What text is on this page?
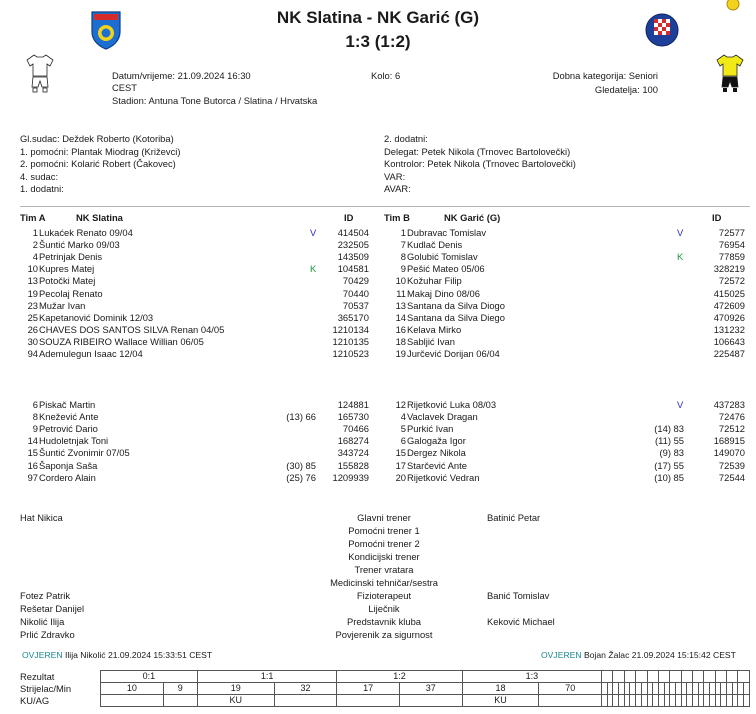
NK Slatina - NK Garić (G)
1:3 (1:2)
Datum/vrijeme: 21.09.2024 16:30
CEST
Stadion: Antuna Tone Butorca / Slatina / Hrvatska
Kolo: 6	Dobna kategorija: Seniori
Gledatelja: 100
Gl.sudac: Deždek Roberto (Kotoriba)
1. pomoćni: Plantak Miodrag (Križevci)
2. pomoćni: Kolarić Robert (Čakovec)
4. sudac:
1. dodatni:
2. dodatni:
Delegat: Petek Nikola (Trnovec Bartolovečki)
Kontrolor: Petek Nikola (Trnovec Bartolovečki)
VAR:
AVAR:
Tim A	NK Slatina	ID	Tim B	NK Garić (G)	ID
1 Lukaćek Renato 09/04	V	414504
2 Šuntić Marko 09/03	232505
4 Petrinjak Denis	143509
10 Kupres Matej	K	104581
13 Potočki Matej	70429
19 Pecolaj Renato	70440
23 Mužar Ivan	70537
25 Kapetanović Dominik 12/03	365170
26 CHAVES DOS SANTOS SILVA Renan 04/05	1210134
30 SOUZA RIBEIRO Wallace Willian 06/05	1210135
94 Ademulegun Isaac 12/04	1210523
6 Piskač Martin	124881
8 Knežević Ante	(13) 66	165730
9 Petrović Dario	70466
14 Hudoletnjak Toni	168274
15 Šuntić Zvonimir 07/05	343724
16 Šaponja Saša	(30) 85	155828
97 Cordero Alain	(25) 76	1209939
1 Dubravac Tomislav	V	72577
7 Kudlač Denis	76954
8 Golubić Tomislav	K	77859
9 Pešić Mateo 05/06	328219
10 Kožuhar Filip	72572
11 Makaj Dino 08/06	415025
13 Santana da Silva Diogo	472609
14 Santana da Silva Diego	470926
16 Kelava Mirko	131232
18 Sabljić Ivan	106643
19 Jurčević Dorijan 06/04	225487
12 Rijetković Luka 08/03	V	437283
4 Vaclavek Dragan	72476
5 Purkić Ivan	(14) 83	72512
6 Galogaža Igor	(11) 55	168915
15 Dergez Nikola	(9) 83	149070
17 Starčević Ante	(17) 55	72539
20 Rijetković Vedran	(10) 85	72544
Hat Nikica	Glavni trener	Batinić Petar
Pomoćni trener 1
Pomoćni trener 2
Kondicijski trener
Trener vratara
Medicinski tehničar/sestra
Fotez Patrik	Fizioterapeut	Banić Tomislav
Rešetar Danijel	Liječnik
Nikolić Ilija	Predstavnik kluba	Keković Michael
Prlić Zdravko	Povjerenik za sigurnost
OVJEREN Ilija Nikolić 21.09.2024 15:33:51 CEST	OVJEREN Bojan Žalac 21.09.2024 15:15:42 CEST
Rezultat
Strijelac/Min
KU/AG
0:1		1:1		1:2		1:3																											
10	9	19	32	17	37	18	70																										
		KU				KU																											
